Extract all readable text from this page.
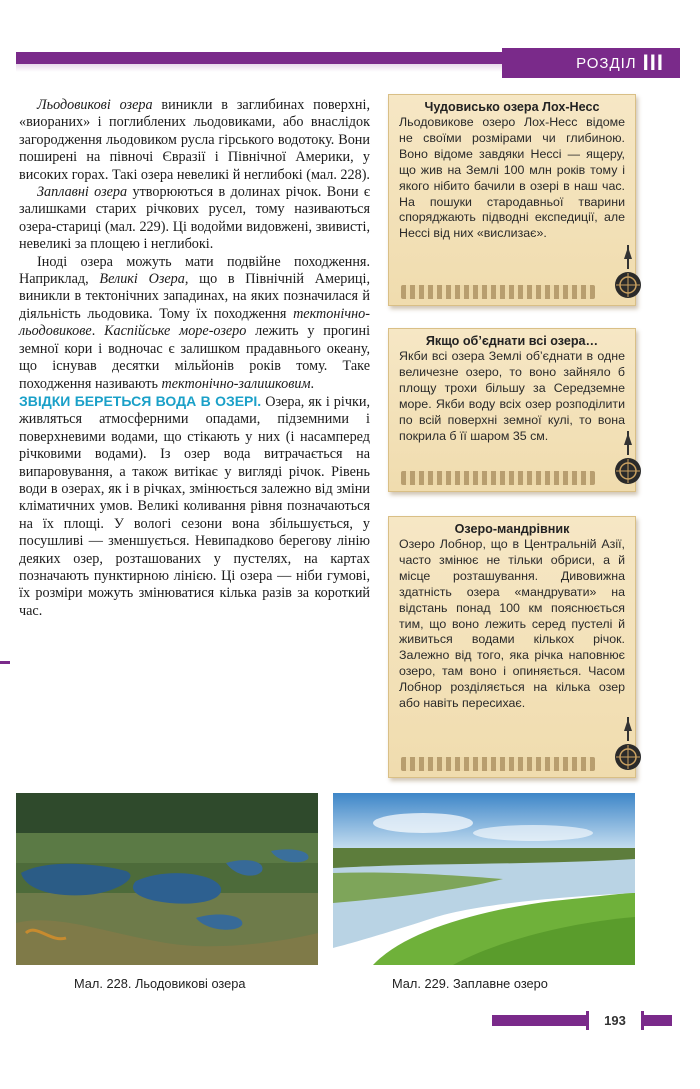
РОЗДІЛ III

Льодовикові озера виникли в заглибинах поверхні, «виораних» і поглиблених льодовиками, або внаслідок загородження льодовиком русла гірського водотоку. Вони поширені на півночі Євразії і Північної Америки, у високих горах. Такі озера невеликі й неглибокі (мал. 228).

Заплавні озера утворюються в долинах річок. Вони є залишками старих річкових русел, тому називаються озера-стариці (мал. 229). Ці водойми видовжені, звивисті, невеликі за площею і неглибокі.

Іноді озера можуть мати подвійне походження. Наприклад, Великі Озера, що в Північній Америці, виникли в тектонічних западинах, на яких позначилася й діяльність льодовика. Тому їх походження тектонічно-льодовикове. Каспійське море-озеро лежить у прогині земної кори і водночас є залишком прадавнього океану, що існував десятки мільйонів років тому. Таке походження називають тектонічно-залишковим.

ЗВІДКИ БЕРЕТЬСЯ ВОДА В ОЗЕРІ. Озера, як і річки, живляться атмосферними опадами, підземними і поверхневими водами, що стікають у них (і насамперед річковими водами). Із озер вода витрачається на випаровування, а також витікає у вигляді річок. Рівень води в озерах, як і в річках, змінюється залежно від зміни кліматичних умов. Великі коливання рівня позначаються на їх площі. У вологі сезони вона збільшується, у посушливі — зменшується. Невипадково берегову лінію деяких озер, розташованих у пустелях, на картах позначають пунктирною лінією. Ці озера — ніби гумові, їх розміри можуть змінюватися кілька разів за короткий час.

Чудовисько озера Лох-Несс
Льодовикове озеро Лох-Несс відоме не своїми розмірами чи глибиною. Воно відоме завдяки Нессі — ящеру, що жив на Землі 100 млн років тому і якого нібито бачили в озері в наш час. На пошуки стародавньої тварини споряджають підводні експедиції, але Нессі від них «вислизає».
Якщо об’єднати всі озера…
Якби всі озера Землі об’єднати в одне величезне озеро, то воно зайняло б площу трохи більшу за Середземне море. Якби воду всіх озер розподілити по всій поверхні земної кулі, то вона покрила б її шаром 35 см.
Озеро-мандрівник
Озеро Лобнор, що в Центральній Азії, часто змінює не тільки обриси, а й місце розташування. Дивовижна здатність озера «мандрувати» на відстань понад 100 км пояснюється тим, що воно лежить серед пустелі й живиться водами кількох річок. Залежно від того, яка річка наповнює озеро, там воно і опиняється. Часом Лобнор розділяється на кілька озер або навіть пересихає.
Мал. 228. Льодовикові озера	Мал. 229. Заплавне озеро
193
